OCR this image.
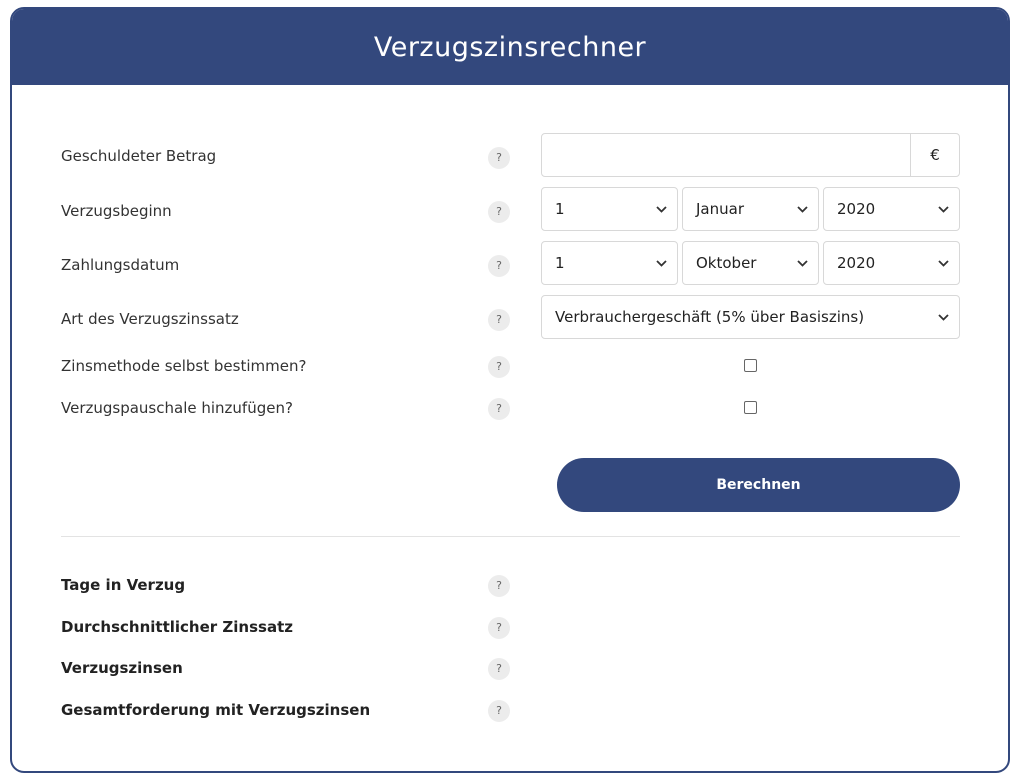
Verzugszinsrechner
Geschuldeter Betrag	?	€
Verzugsbeginn	?	1	Januar	2020
Zahlungsdatum	?	1	Oktober	2020
Art des Verzugszinssatz	?	Verbrauchergeschäft (5% über Basiszins)
Zinsmethode selbst bestimmen?	?
Verzugspauschale hinzufügen?	?
Berechnen
Tage in Verzug	?
Durchschnittlicher Zinssatz	?
Verzugszinsen	?
Gesamtforderung mit Verzugszinsen	?
